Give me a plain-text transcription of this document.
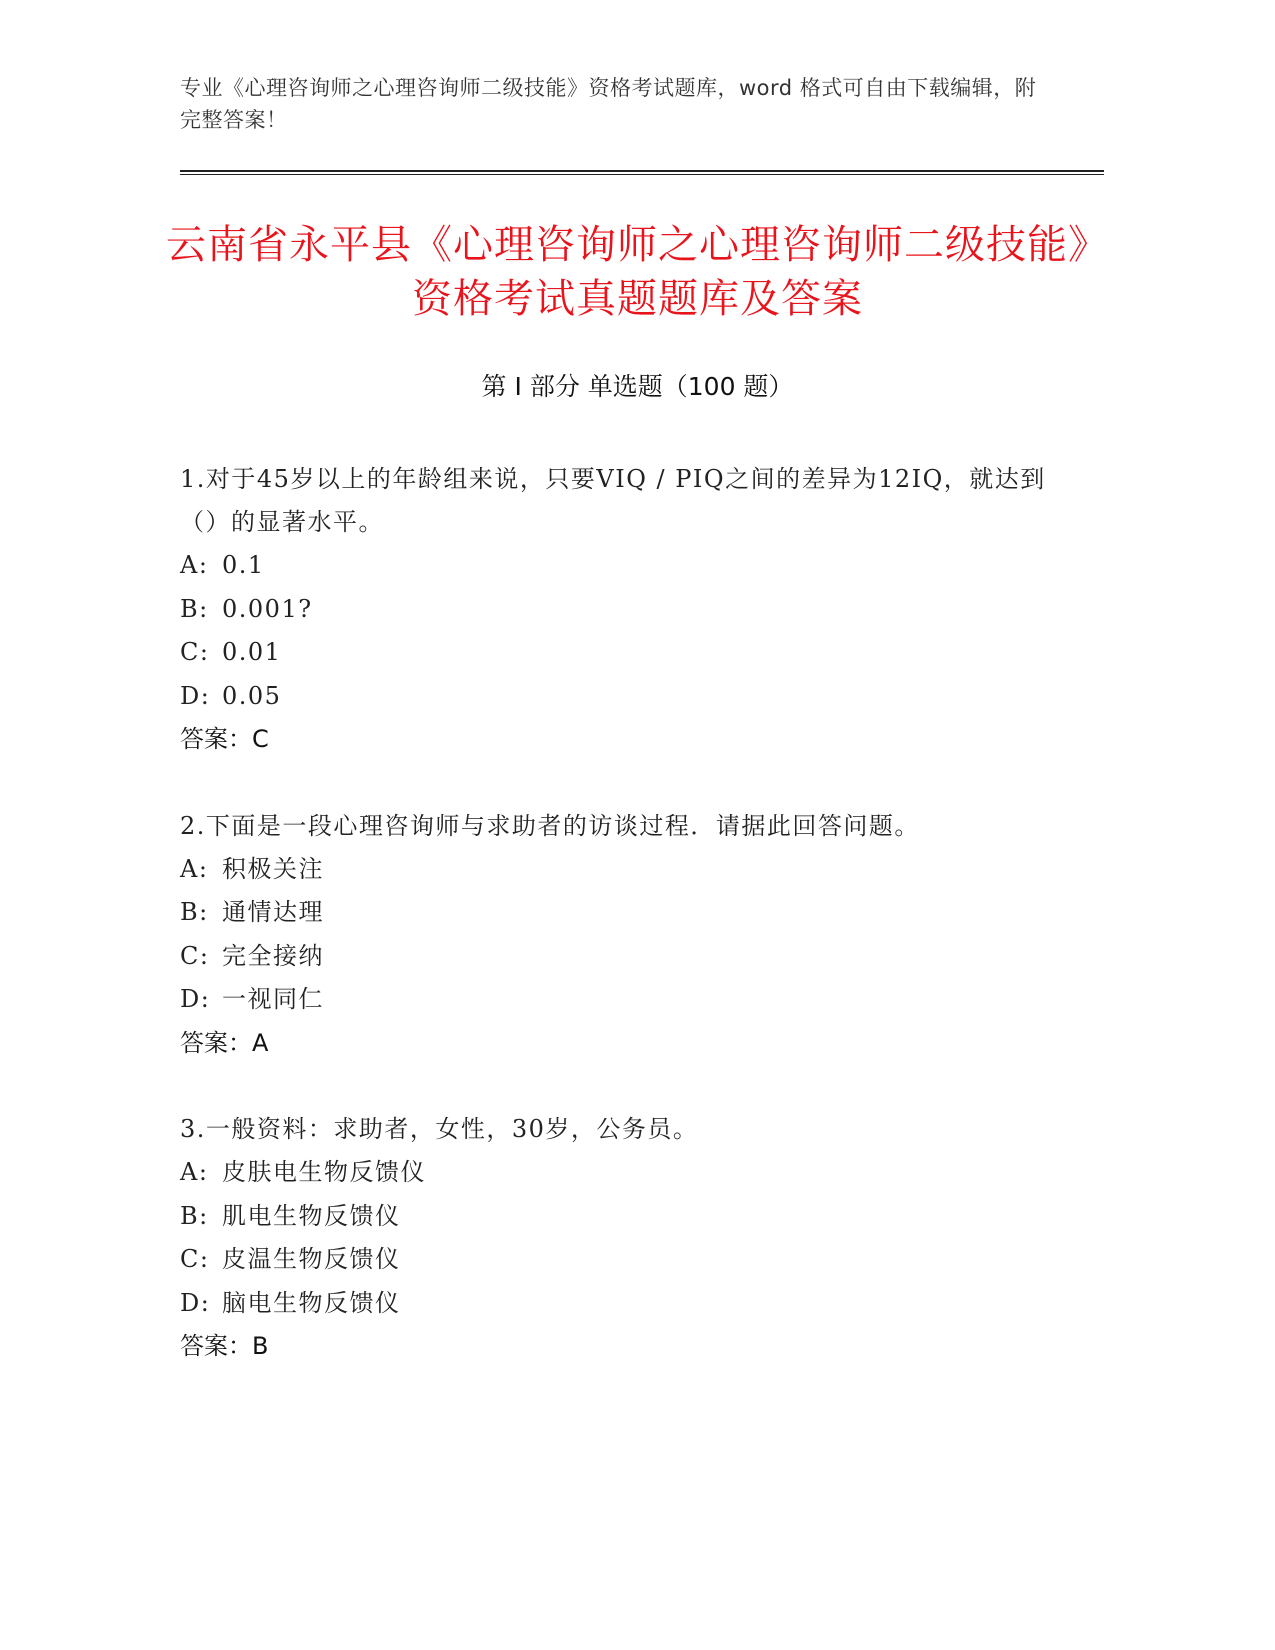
专业《心理咨询师之心理咨询师二级技能》资格考试题库，word 格式可自由下载编辑，附完整答案！
云南省永平县《心理咨询师之心理咨询师二级技能》资格考试真题题库及答案
第 I 部分 单选题（100 题）
1.对于45岁以上的年龄组来说，只要VIQ / PIQ之间的差异为12IQ，就达到（）的显著水平。
A: 0.1
B: 0.001?
C: 0.01
D: 0.05
答案：C
2.下面是一段心理咨询师与求助者的访谈过程．请据此回答问题。
A: 积极关注
B: 通情达理
C: 完全接纳
D: 一视同仁
答案：A
3.一般资料：求助者，女性，30岁，公务员。
A: 皮肤电生物反馈仪
B: 肌电生物反馈仪
C: 皮温生物反馈仪
D: 脑电生物反馈仪
答案：B
